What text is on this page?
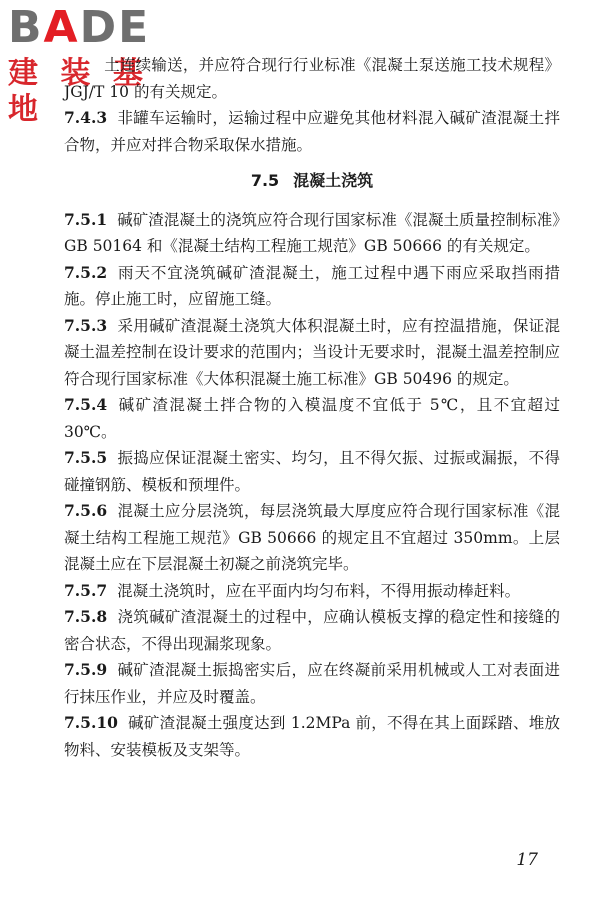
BADE
建 装 基 地

土连续输送，并应符合现行行业标准《混凝土泵送施工技术规程》JGJ/T 10 的有关规定。

7.4.3 非罐车运输时，运输过程中应避免其他材料混入碱矿渣混凝土拌合物，并应对拌合物采取保水措施。

7.5 混凝土浇筑

7.5.1 碱矿渣混凝土的浇筑应符合现行国家标准《混凝土质量控制标准》GB 50164 和《混凝土结构工程施工规范》GB 50666 的有关规定。

7.5.2 雨天不宜浇筑碱矿渣混凝土，施工过程中遇下雨应采取挡雨措施。停止施工时，应留施工缝。

7.5.3 采用碱矿渣混凝土浇筑大体积混凝土时，应有控温措施，保证混凝土温差控制在设计要求的范围内；当设计无要求时，混凝土温差控制应符合现行国家标准《大体积混凝土施工标准》GB 50496 的规定。

7.5.4 碱矿渣混凝土拌合物的入模温度不宜低于 5℃，且不宜超过 30℃。

7.5.5 振捣应保证混凝土密实、均匀，且不得欠振、过振或漏振，不得碰撞钢筋、模板和预埋件。

7.5.6 混凝土应分层浇筑，每层浇筑最大厚度应符合现行国家标准《混凝土结构工程施工规范》GB 50666 的规定且不宜超过 350mm。上层混凝土应在下层混凝土初凝之前浇筑完毕。

7.5.7 混凝土浇筑时，应在平面内均匀布料，不得用振动棒赶料。

7.5.8 浇筑碱矿渣混凝土的过程中，应确认模板支撑的稳定性和接缝的密合状态，不得出现漏浆现象。

7.5.9 碱矿渣混凝土振捣密实后，应在终凝前采用机械或人工对表面进行抹压作业，并应及时覆盖。

7.5.10 碱矿渣混凝土强度达到 1.2MPa 前，不得在其上面踩踏、堆放物料、安装模板及支架等。

17
